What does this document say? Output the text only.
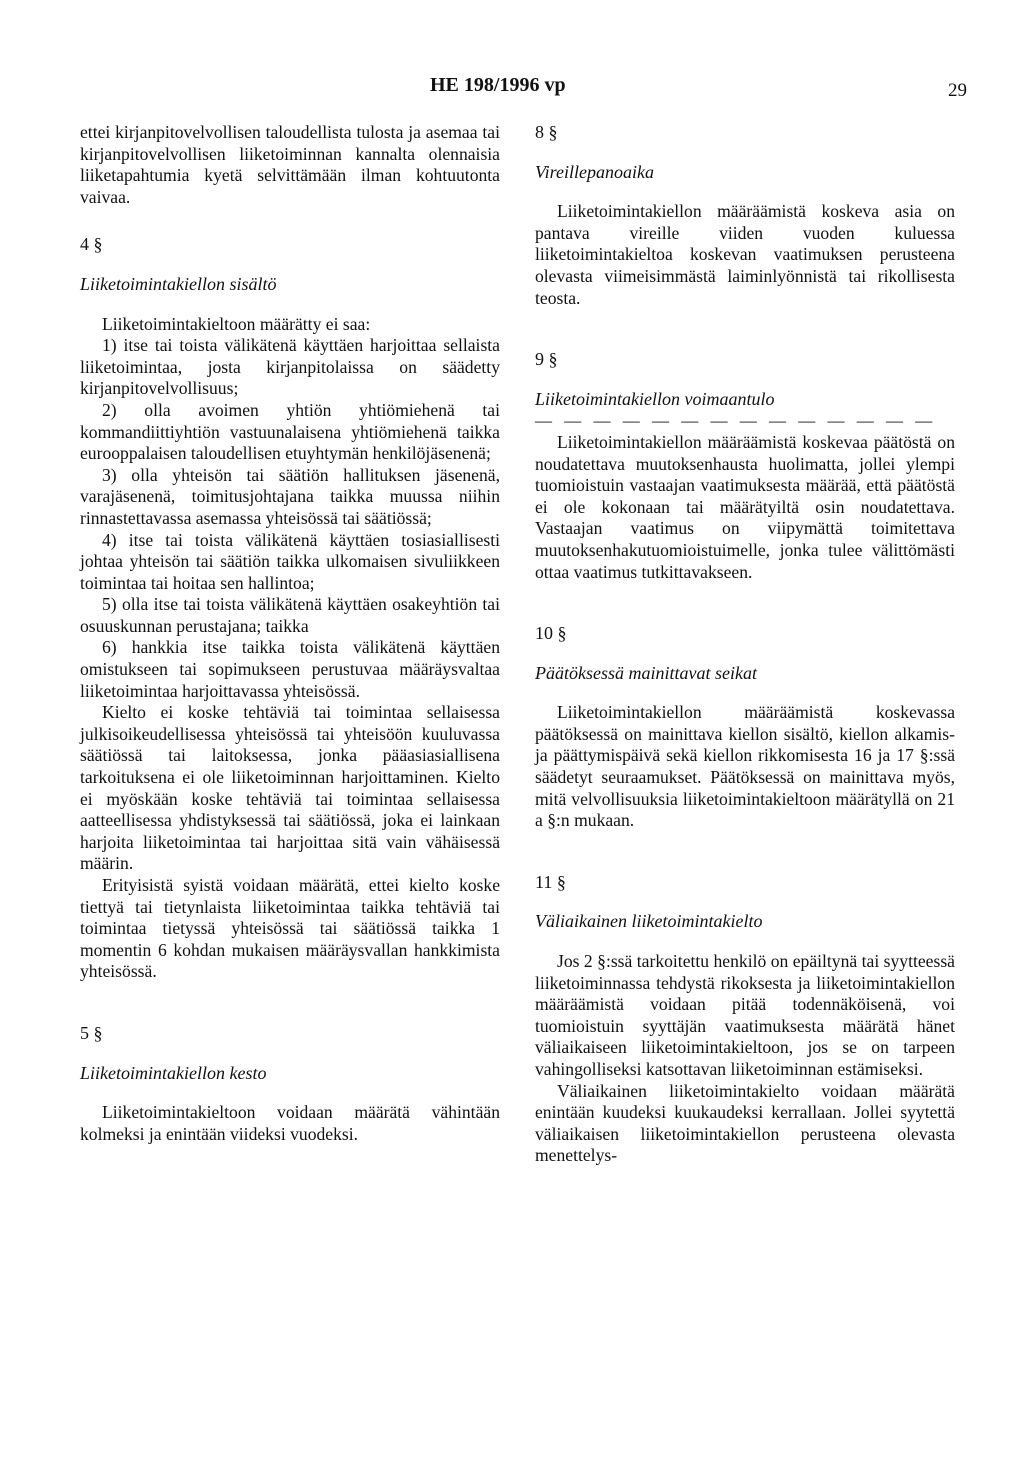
HE 198/1996 vp	29

ettei kirjanpitovelvollisen taloudellista tulosta ja asemaa tai kirjanpitovelvollisen liiketoiminnan kannalta olennaisia liiketapahtumia kyetä selvittämään ilman kohtuutonta vaivaa.

4 §

Liiketoimintakiellon sisältö

Liiketoimintakieltoon määrätty ei saa:

1) itse tai toista välikätenä käyttäen harjoittaa sellaista liiketoimintaa, josta kirjanpitolaissa on säädetty kirjanpitovelvollisuus;

2) olla avoimen yhtiön yhtiömiehenä tai kommandiittiyhtiön vastuunalaisena yhtiömiehenä taikka eurooppalaisen taloudellisen etuyhtymän henkilöjäsenenä;

3) olla yhteisön tai säätiön hallituksen jäsenenä, varajäsenenä, toimitusjohtajana taikka muussa niihin rinnastettavassa asemassa yhteisössä tai säätiössä;

4) itse tai toista välikätenä käyttäen tosiasiallisesti johtaa yhteisön tai säätiön taikka ulkomaisen sivuliikkeen toimintaa tai hoitaa sen hallintoa;

5) olla itse tai toista välikätenä käyttäen osakeyhtiön tai osuuskunnan perustajana; taikka

6) hankkia itse taikka toista välikätenä käyttäen omistukseen tai sopimukseen perustuvaa määräysvaltaa liiketoimintaa harjoittavassa yhteisössä.

Kielto ei koske tehtäviä tai toimintaa sellaisessa julkisoikeudellisessa yhteisössä tai yhteisöön kuuluvassa säätiössä tai laitoksessa, jonka pääasiasiallisena tarkoituksena ei ole liiketoiminnan harjoittaminen. Kielto ei myöskään koske tehtäviä tai toimintaa sellaisessa aatteellisessa yhdistyksessä tai säätiössä, joka ei lainkaan harjoita liiketoimintaa tai harjoittaa sitä vain vähäisessä määrin.

Erityisistä syistä voidaan määrätä, ettei kielto koske tiettyä tai tietynlaista liiketoimintaa taikka tehtäviä tai toimintaa tietyssä yhteisössä tai säätiössä taikka 1 momentin 6 kohdan mukaisen määräysvallan hankkimista yhteisössä.

5 §

Liiketoimintakiellon kesto

Liiketoimintakieltoon voidaan määrätä vähintään kolmeksi ja enintään viideksi vuodeksi.

8 §

Vireillepanoaika

Liiketoimintakiellon määräämistä koskeva asia on pantava vireille viiden vuoden kuluessa liiketoimintakieltoa koskevan vaatimuksen perusteena olevasta viimeisimmästä laiminlyönnistä tai rikollisesta teosta.

9 §

Liiketoimintakiellon voimaantulo

— — — — — — — — — — — — — —

Liiketoimintakiellon määräämistä koskevaa päätöstä on noudatettava muutoksenhausta huolimatta, jollei ylempi tuomioistuin vastaajan vaatimuksesta määrää, että päätöstä ei ole kokonaan tai määrätyiltä osin noudatettava. Vastaajan vaatimus on viipymättä toimitettava muutoksenhakutuomioistuimelle, jonka tulee välittömästi ottaa vaatimus tutkittavakseen.

10 §

Päätöksessä mainittavat seikat

Liiketoimintakiellon määräämistä koskevassa päätöksessä on mainittava kiellon sisältö, kiellon alkamis- ja päättymispäivä sekä kiellon rikkomisesta 16 ja 17 §:ssä säädetyt seuraamukset. Päätöksessä on mainittava myös, mitä velvollisuuksia liiketoimintakieltoon määrätyllä on 21 a §:n mukaan.

11 §

Väliaikainen liiketoimintakielto

Jos 2 §:ssä tarkoitettu henkilö on epäiltynä tai syytteessä liiketoiminnassa tehdystä rikoksesta ja liiketoimintakiellon määräämistä voidaan pitää todennäköisenä, voi tuomioistuin syyttäjän vaatimuksesta määrätä hänet väliaikaiseen liiketoimintakieltoon, jos se on tarpeen vahingolliseksi katsottavan liiketoiminnan estämiseksi.

Väliaikainen liiketoimintakielto voidaan määrätä enintään kuudeksi kuukaudeksi kerrallaan. Jollei syytettä väliaikaisen liiketoimintakiellon perusteena olevasta menettelys-
